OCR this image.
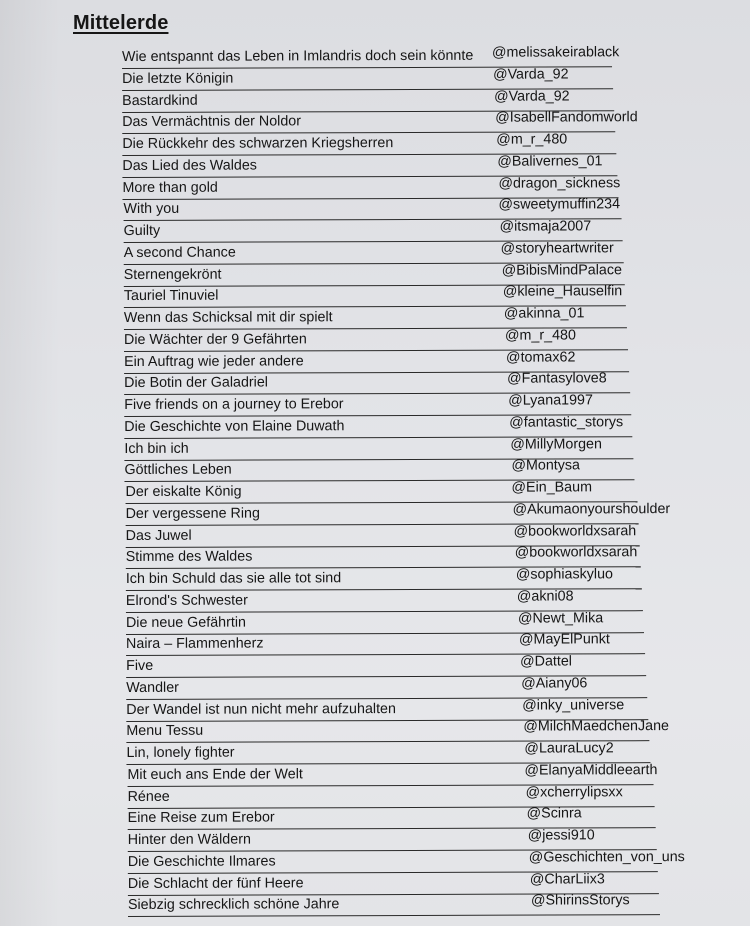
Mittelerde
Wie entspannt das Leben in Imlandris doch sein könnte @melissakeirablack
Die letzte Königin	@Varda_92
Bastardkind	@Varda_92
Das Vermächtnis der Noldor	@IsabellFandomworld
Die Rückkehr des schwarzen Kriegsherren	@m_r_480
Das Lied des Waldes	@Balivernes_01
More than gold	@dragon_sickness
With you	@sweetymuffin234
Guilty	@itsmaja2007
A second Chance	@storyheartwriter
Sternengekrönt	@BibisMindPalace
Tauriel Tinuviel	@kleine_Hauselfin
Wenn das Schicksal mit dir spielt	@akinna_01
Die Wächter der 9 Gefährten	@m_r_480
Ein Auftrag wie jeder andere	@tomax62
Die Botin der Galadriel	@Fantasylove8
Five friends on a journey to Erebor	@Lyana1997
Die Geschichte von Elaine Duwath	@fantastic_storys
Ich bin ich	@MillyMorgen
Göttliches Leben	@Montysa
Der eiskalte König	@Ein_Baum
Der vergessene Ring	@Akumaonyourshoulder
Das Juwel	@bookworldxsarah
Stimme des Waldes	@bookworldxsarah
Ich bin Schuld das sie alle tot sind	@sophiaskyluo
Elrond's Schwester	@akni08
Die neue Gefährtin	@Newt_Mika
Naira – Flammenherz	@MayElPunkt
Five	@Dattel
Wandler	@Aiany06
Der Wandel ist nun nicht mehr aufzuhalten	@inky_universe
Menu Tessu	@MilchMaedchenJane
Lin, lonely fighter	@LauraLucy2
Mit euch ans Ende der Welt	@ElanyaMiddleearth
Rénee	@xcherrylipsxx
Eine Reise zum Erebor	@Scinra
Hinter den Wäldern	@jessi910
Die Geschichte Ilmares	@Geschichten_von_uns
Die Schlacht der fünf Heere	@CharLiix3
Siebzig schrecklich schöne Jahre	@ShirinsStorys
